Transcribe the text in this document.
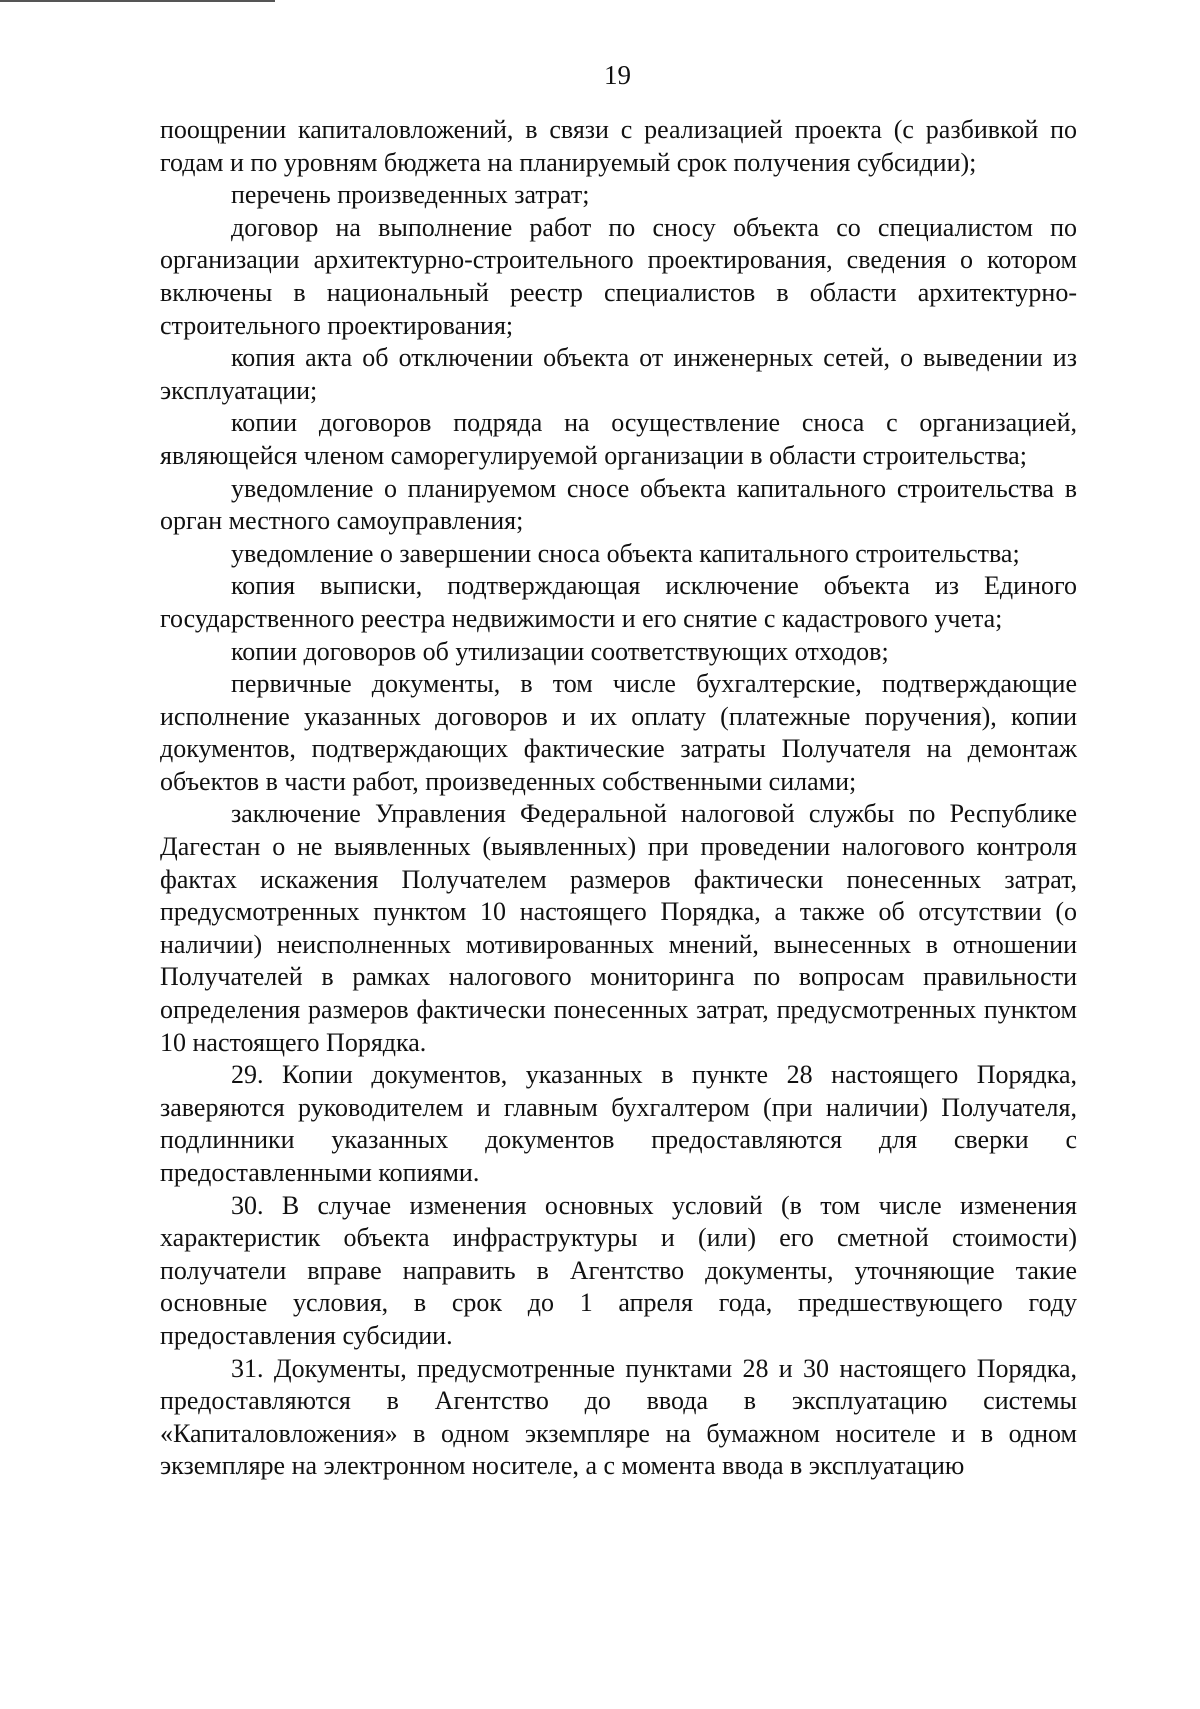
19

поощрении капиталовложений, в связи с реализацией проекта (с разбивкой по годам и по уровням бюджета на планируемый срок получения субсидии);

перечень произведенных затрат;

договор на выполнение работ по сносу объекта со специалистом по организации архитектурно-строительного проектирования, сведения о котором включены в национальный реестр специалистов в области архитектурно-строительного проектирования;

копия акта об отключении объекта от инженерных сетей, о выведении из эксплуатации;

копии договоров подряда на осуществление сноса с организацией, являющейся членом саморегулируемой организации в области строительства;

уведомление о планируемом сносе объекта капитального строительства в орган местного самоуправления;

уведомление о завершении сноса объекта капитального строительства;

копия выписки, подтверждающая исключение объекта из Единого государственного реестра недвижимости и его снятие с кадастрового учета;

копии договоров об утилизации соответствующих отходов;

первичные документы, в том числе бухгалтерские, подтверждающие исполнение указанных договоров и их оплату (платежные поручения), копии документов, подтверждающих фактические затраты Получателя на демонтаж объектов в части работ, произведенных собственными силами;

заключение Управления Федеральной налоговой службы по Республике Дагестан о не выявленных (выявленных) при проведении налогового контроля фактах искажения Получателем размеров фактически понесенных затрат, предусмотренных пунктом 10 настоящего Порядка, а также об отсутствии (о наличии) неисполненных мотивированных мнений, вынесенных в отношении Получателей в рамках налогового мониторинга по вопросам правильности определения размеров фактически понесенных затрат, предусмотренных пунктом 10 настоящего Порядка.

29. Копии документов, указанных в пункте 28 настоящего Порядка, заверяются руководителем и главным бухгалтером (при наличии) Получателя, подлинники указанных документов предоставляются для сверки с предоставленными копиями.

30. В случае изменения основных условий (в том числе изменения характеристик объекта инфраструктуры и (или) его сметной стоимости) получатели вправе направить в Агентство документы, уточняющие такие основные условия, в срок до 1 апреля года, предшествующего году предоставления субсидии.

31. Документы, предусмотренные пунктами 28 и 30 настоящего Порядка, предоставляются в Агентство до ввода в эксплуатацию системы «Капиталовложения» в одном экземпляре на бумажном носителе и в одном экземпляре на электронном носителе, а с момента ввода в эксплуатацию
